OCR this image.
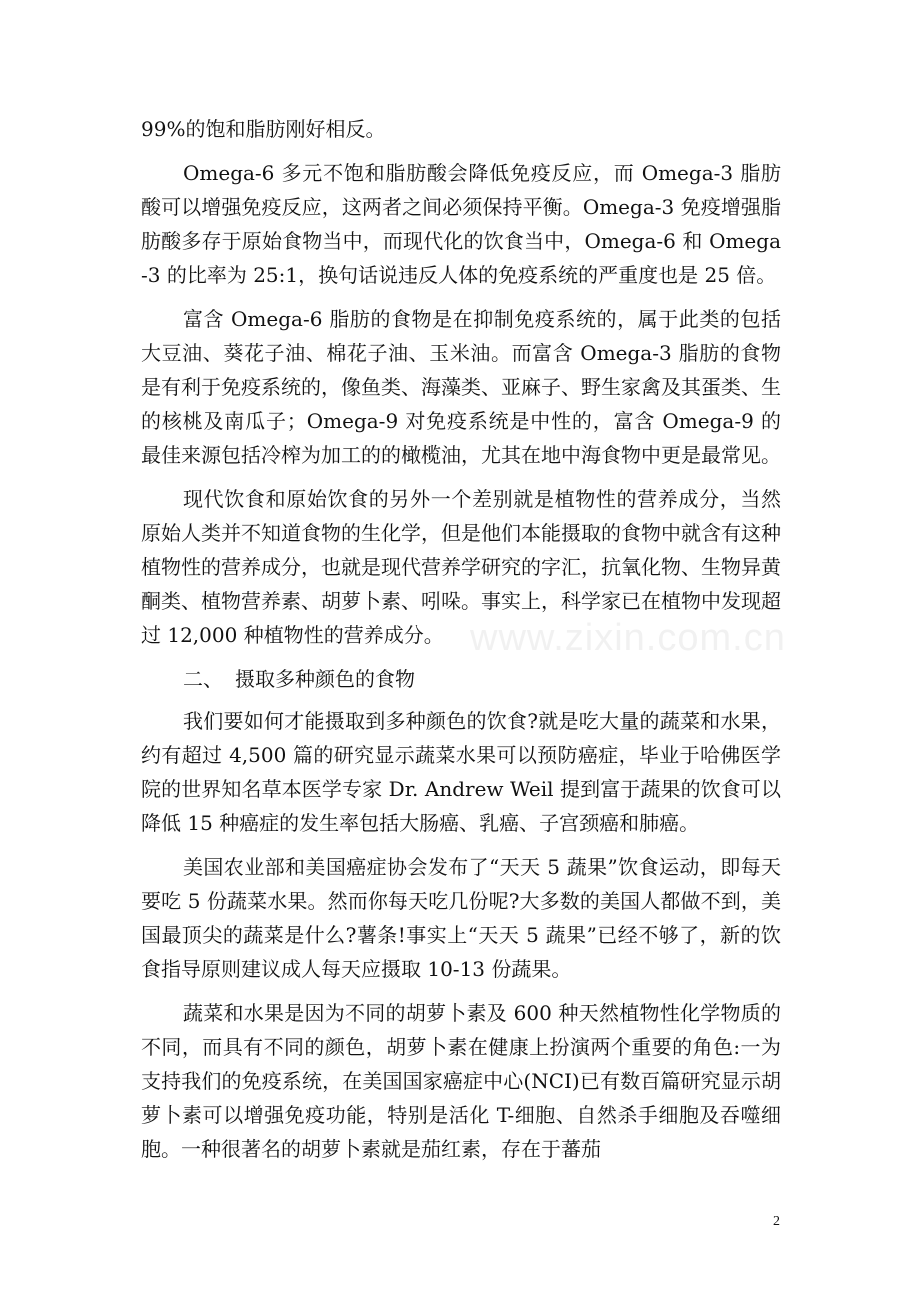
99%的饱和脂肪刚好相反。

Omega-6 多元不饱和脂肪酸会降低免疫反应，而 Omega-3 脂肪酸可以增强免疫反应，这两者之间必须保持平衡。Omega-3 免疫增强脂肪酸多存于原始食物当中，而现代化的饮食当中，Omega-6 和 Omega-3 的比率为 25:1，换句话说违反人体的免疫系统的严重度也是 25 倍。

富含 Omega-6 脂肪的食物是在抑制免疫系统的，属于此类的包括大豆油、葵花子油、棉花子油、玉米油。而富含 Omega-3 脂肪的食物是有利于免疫系统的，像鱼类、海藻类、亚麻子、野生家禽及其蛋类、生的核桃及南瓜子；Omega-9 对免疫系统是中性的，富含 Omega-9 的最佳来源包括冷榨为加工的的橄榄油，尤其在地中海食物中更是最常见。

现代饮食和原始饮食的另外一个差别就是植物性的营养成分，当然原始人类并不知道食物的生化学，但是他们本能摄取的食物中就含有这种植物性的营养成分，也就是现代营养学研究的字汇，抗氧化物、生物异黄酮类、植物营养素、胡萝卜素、吲哚。事实上，科学家已在植物中发现超过 12,000 种植物性的营养成分。

二、 摄取多种颜色的食物

我们要如何才能摄取到多种颜色的饮食?就是吃大量的蔬菜和水果，约有超过 4,500 篇的研究显示蔬菜水果可以预防癌症，毕业于哈佛医学院的世界知名草本医学专家 Dr. Andrew Weil 提到富于蔬果的饮食可以降低 15 种癌症的发生率包括大肠癌、乳癌、子宫颈癌和肺癌。

美国农业部和美国癌症协会发布了“天天 5 蔬果”饮食运动，即每天要吃 5 份蔬菜水果。然而你每天吃几份呢?大多数的美国人都做不到，美国最顶尖的蔬菜是什么?薯条!事实上“天天 5 蔬果”已经不够了，新的饮食指导原则建议成人每天应摄取 10-13 份蔬果。

蔬菜和水果是因为不同的胡萝卜素及 600 种天然植物性化学物质的不同，而具有不同的颜色，胡萝卜素在健康上扮演两个重要的角色:一为支持我们的免疫系统，在美国国家癌症中心(NCI)已有数百篇研究显示胡萝卜素可以增强免疫功能，特别是活化 T-细胞、自然杀手细胞及吞噬细胞。一种很著名的胡萝卜素就是茄红素，存在于蕃茄

www.zixin.com.cn
2
